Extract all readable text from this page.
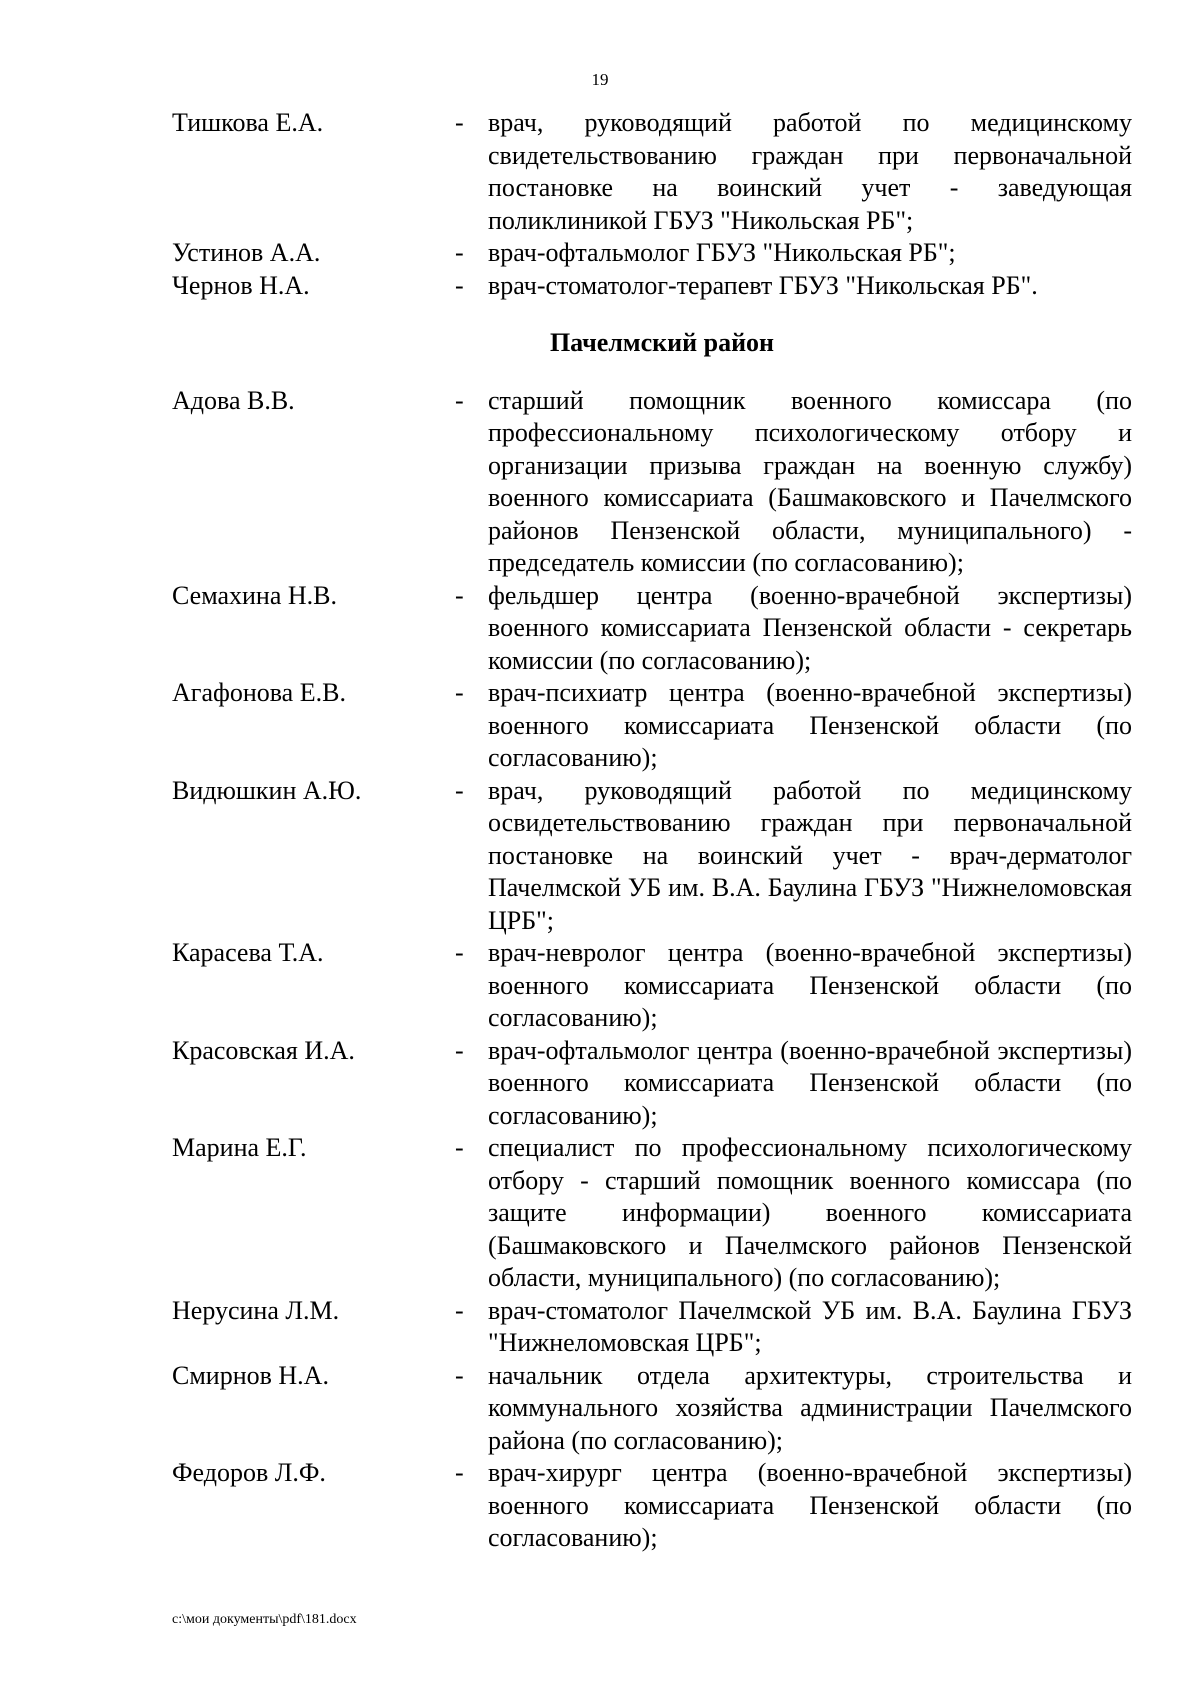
19
Тишкова Е.А.	- врач, руководящий работой по медицинскому свидетельствованию граждан при первоначальной постановке на воинский учет - заведующая поликлиникой ГБУЗ "Никольская РБ";
Устинов А.А.	- врач-офтальмолог ГБУЗ "Никольская РБ";
Чернов Н.А.	- врач-стоматолог-терапевт ГБУЗ "Никольская РБ".
Пачелмский район
Адова В.В.	- старший помощник военного комиссара (по профессиональному психологическому отбору и организации призыва граждан на военную службу) военного комиссариата (Башмаковского и Пачелмского районов Пензенской области, муниципального) - председатель комиссии (по согласованию);
Семахина Н.В.	- фельдшер центра (военно-врачебной экспертизы) военного комиссариата Пензенской области - секретарь комиссии (по согласованию);
Агафонова Е.В.	- врач-психиатр центра (военно-врачебной экспертизы) военного комиссариата Пензенской области (по согласованию);
Видюшкин А.Ю.	- врач, руководящий работой по медицинскому освидетельствованию граждан при первоначальной постановке на воинский учет - врач-дерматолог Пачелмской УБ им. В.А. Баулина ГБУЗ "Нижнеломовская ЦРБ";
Карасева Т.А.	- врач-невролог центра (военно-врачебной экспертизы) военного комиссариата Пензенской области (по согласованию);
Красовская И.А.	- врач-офтальмолог центра (военно-врачебной экспертизы) военного комиссариата Пензенской области (по согласованию);
Марина Е.Г.	- специалист по профессиональному психологическому отбору - старший помощник военного комиссара (по защите информации) военного комиссариата (Башмаковского и Пачелмского районов Пензенской области, муниципального) (по согласованию);
Нерусина Л.М.	- врач-стоматолог Пачелмской УБ им. В.А. Баулина ГБУЗ "Нижнеломовская ЦРБ";
Смирнов Н.А.	- начальник отдела архитектуры, строительства и коммунального хозяйства администрации Пачелмского района (по согласованию);
Федоров Л.Ф.	- врач-хирург центра (военно-врачебной экспертизы) военного комиссариата Пензенской области (по согласованию);
c:\мои документы\pdf\181.docx
